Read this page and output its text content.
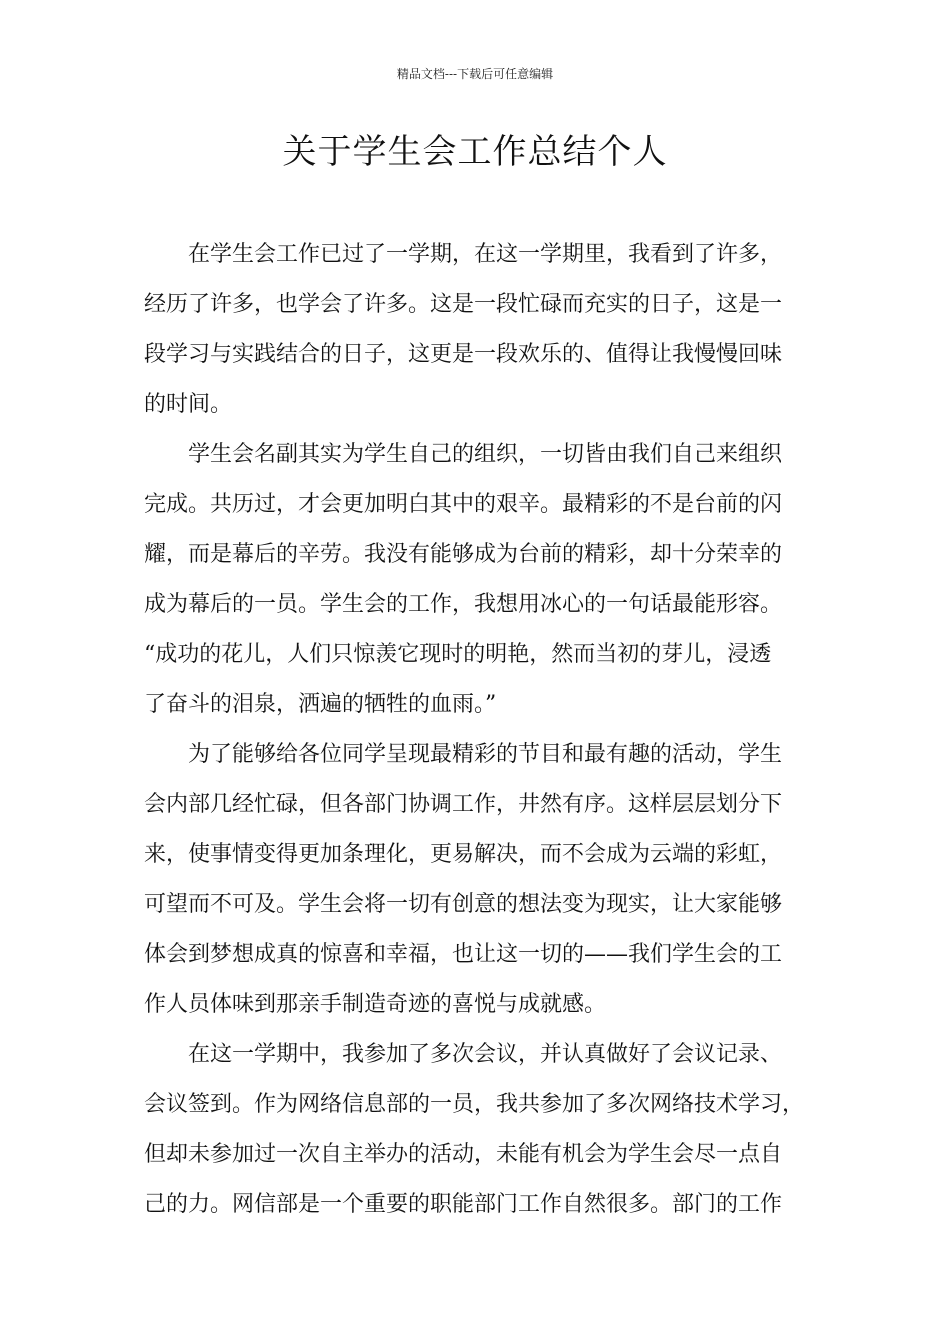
精品文档---下载后可任意编辑
关于学生会工作总结个人

在学生会工作已过了一学期，在这一学期里，我看到了许多，
经历了许多，也学会了许多。这是一段忙碌而充实的日子，这是一
段学习与实践结合的日子，这更是一段欢乐的、值得让我慢慢回味
的时间。

学生会名副其实为学生自己的组织，一切皆由我们自己来组织
完成。共历过，才会更加明白其中的艰辛。最精彩的不是台前的闪
耀，而是幕后的辛劳。我没有能够成为台前的精彩，却十分荣幸的
成为幕后的一员。学生会的工作，我想用冰心的一句话最能形容。
“成功的花儿，人们只惊羡它现时的明艳，然而当初的芽儿，浸透
了奋斗的泪泉，洒遍的牺牲的血雨。”

为了能够给各位同学呈现最精彩的节目和最有趣的活动，学生
会内部几经忙碌，但各部门协调工作，井然有序。这样层层划分下
来，使事情变得更加条理化，更易解决，而不会成为云端的彩虹，
可望而不可及。学生会将一切有创意的想法变为现实，让大家能够
体会到梦想成真的惊喜和幸福，也让这一切的——我们学生会的工
作人员体味到那亲手制造奇迹的喜悦与成就感。

在这一学期中，我参加了多次会议，并认真做好了会议记录、
会议签到。作为网络信息部的一员，我共参加了多次网络技术学习，
但却未参加过一次自主举办的活动，未能有机会为学生会尽一点自
己的力。网信部是一个重要的职能部门工作自然很多。部门的工作
